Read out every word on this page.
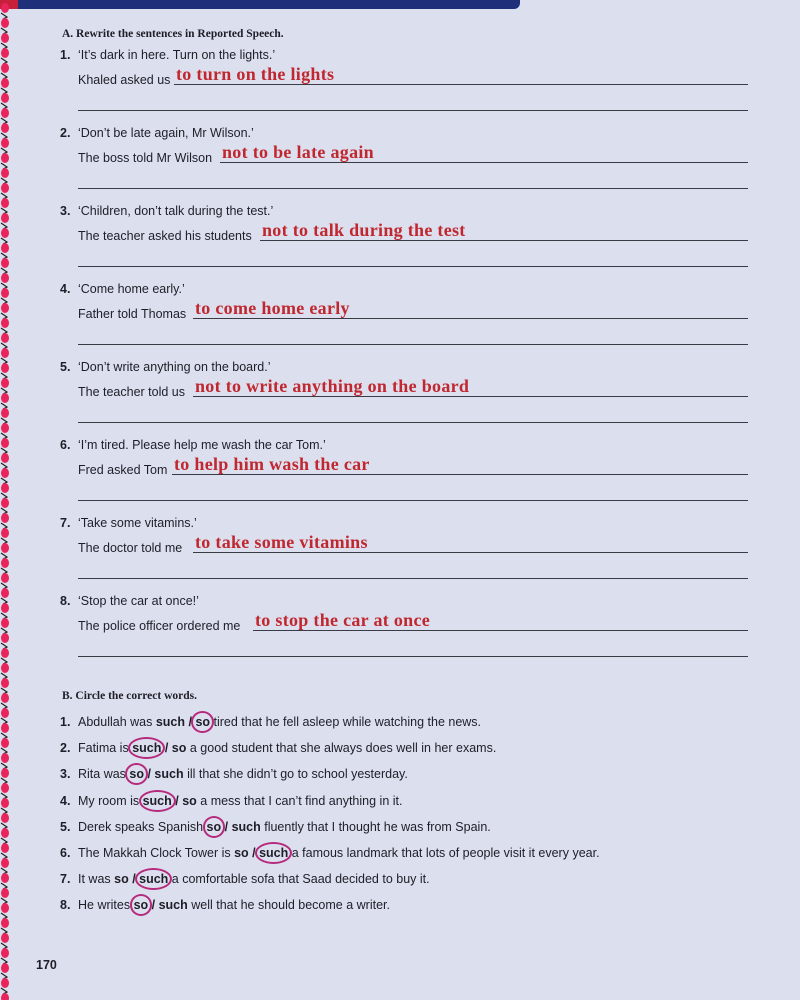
A. Rewrite the sentences in Reported Speech.
1. ‘It’s dark in here. Turn on the lights.’
Khaled asked us to turn on the lights
2. ‘Don’t be late again, Mr Wilson.’
The boss told Mr Wilson not to be late again
3. ‘Children, don’t talk during the test.’
The teacher asked his students not to talk during the test
4. ‘Come home early.’
Father told Thomas to come home early
5. ‘Don’t write anything on the board.’
The teacher told us not to write anything on the board
6. ‘I’m tired. Please help me wash the car Tom.’
Fred asked Tom to help him wash the car
7. ‘Take some vitamins.’
The doctor told me to take some vitamins
8. ‘Stop the car at once!’
The police officer ordered me to stop the car at once
B. Circle the correct words.
1. Abdullah was such / so tired that he fell asleep while watching the news.
2. Fatima is such / so a good student that she always does well in her exams.
3. Rita was so / such ill that she didn’t go to school yesterday.
4. My room is such / so a mess that I can’t find anything in it.
5. Derek speaks Spanish so / such fluently that I thought he was from Spain.
6. The Makkah Clock Tower is so / such a famous landmark that lots of people visit it every year.
7. It was so / such a comfortable sofa that Saad decided to buy it.
8. He writes so / such well that he should become a writer.
170
